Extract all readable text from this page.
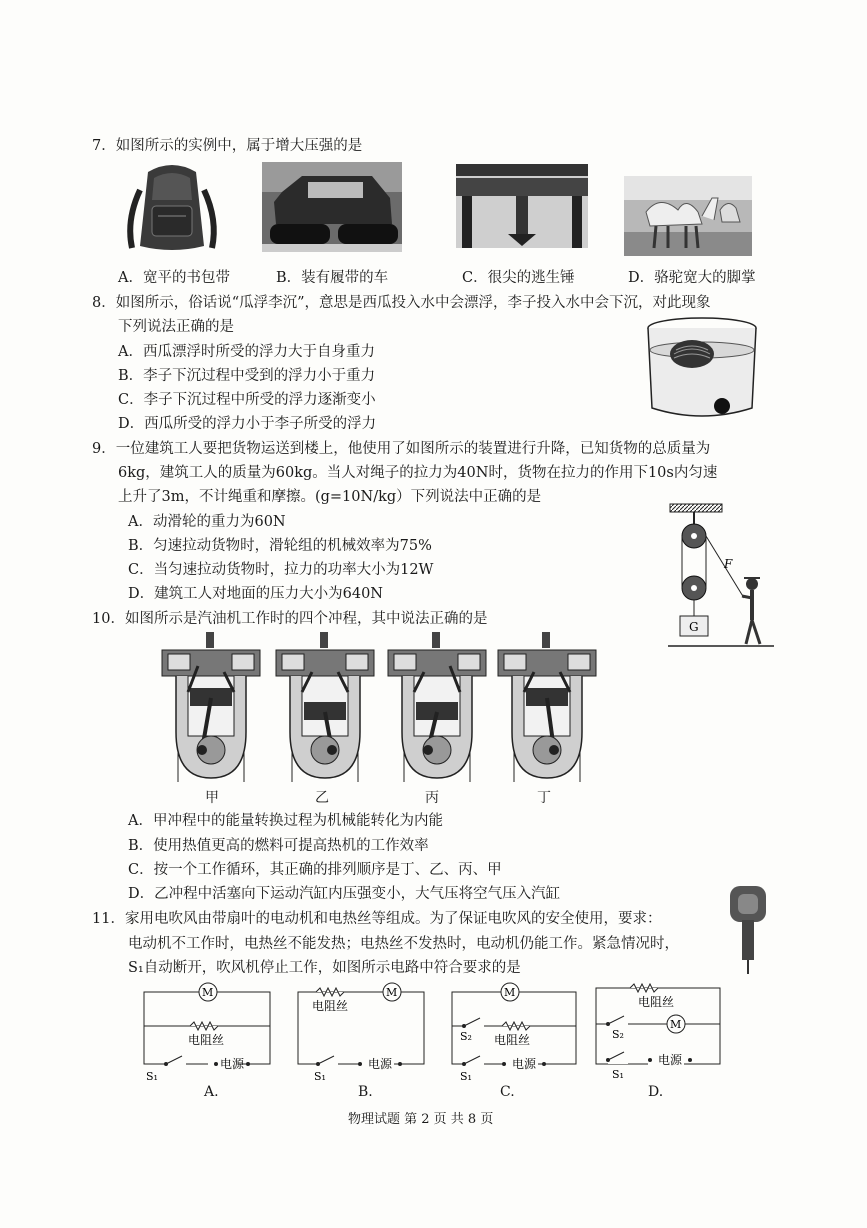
7．如图所示的实例中，属于增大压强的是
A．宽平的书包带	B．装有履带的车	C．很尖的逃生锤	D．骆驼宽大的脚掌
8．如图所示，俗话说“瓜浮李沉”，意思是西瓜投入水中会漂浮，李子投入水中会下沉，对此现象
下列说法正确的是
A．西瓜漂浮时所受的浮力大于自身重力
B．李子下沉过程中受到的浮力小于重力
C．李子下沉过程中所受的浮力逐渐变小
D．西瓜所受的浮力小于李子所受的浮力
9．一位建筑工人要把货物运送到楼上，他使用了如图所示的装置进行升降，已知货物的总质量为
6kg，建筑工人的质量为60kg。当人对绳子的拉力为40N时，货物在拉力的作用下10s内匀速
上升了3m，不计绳重和摩擦。(g=10N/kg）下列说法中正确的是
A．动滑轮的重力为60N
B．匀速拉动货物时，滑轮组的机械效率为75%
C．当匀速拉动货物时，拉力的功率大小为12W
D．建筑工人对地面的压力大小为640N
G
F
10．如图所示是汽油机工作时的四个冲程，其中说法正确的是
甲	乙	丙	丁
A．甲冲程中的能量转换过程为机械能转化为内能
B．使用热值更高的燃料可提高热机的工作效率
C．按一个工作循环，其正确的排列顺序是丁、乙、丙、甲
D．乙冲程中活塞向下运动汽缸内压强变小，大气压将空气压入汽缸
11．家用电吹风由带扇叶的电动机和电热丝等组成。为了保证电吹风的安全使用，要求：
电动机不工作时，电热丝不能发热；电热丝不发热时，电动机仍能工作。紧急情况时，
S₁自动断开，吹风机停止工作，如图所示电路中符合要求的是
M
电阻丝
S₁
电源
M
电阻丝
S₁
电源
M
S₂ 电阻丝
S₁
电源
电阻丝
S₂
M
S₁
电源
A.	B.	C.	D.
物理试题 第 2 页 共 8 页
